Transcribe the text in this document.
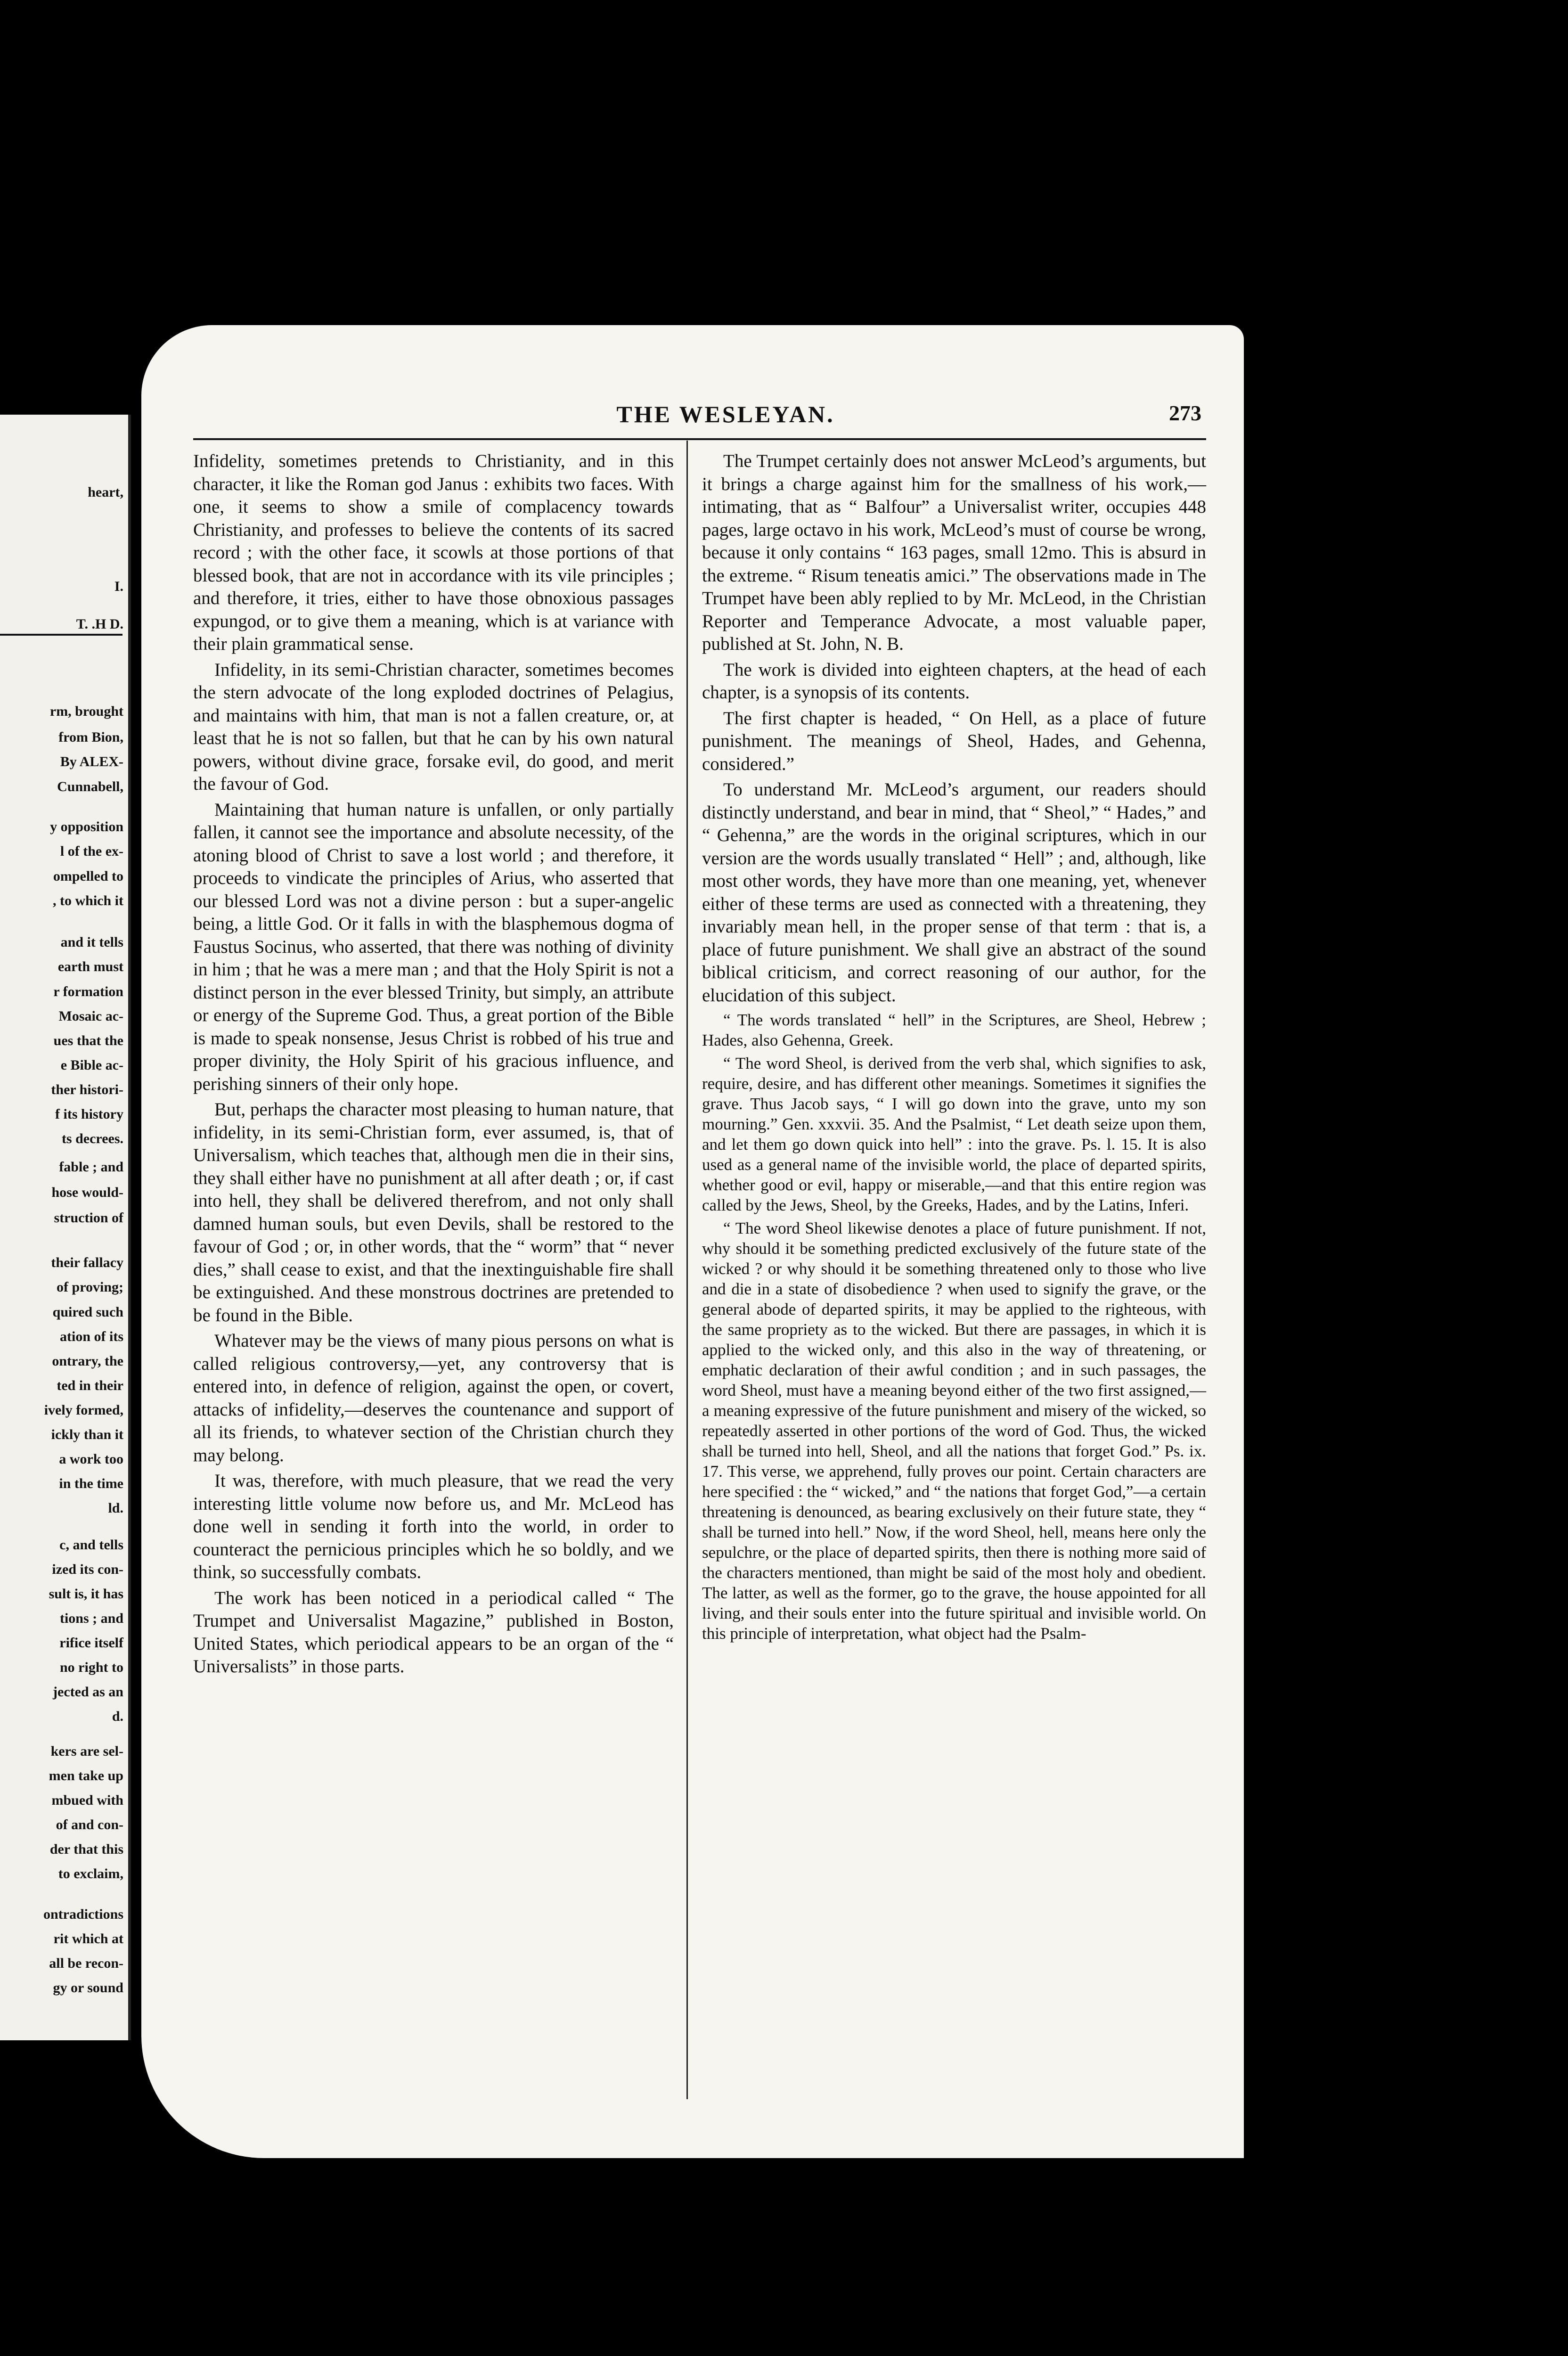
heart,
I.
T. .H D.
rm, brought
from Bion,
By ALEX-
Cunnabell,
y opposition
l of the ex-
ompelled to
, to which it
and it tells
earth must
r formation
Mosaic ac-
ues that the
e Bible ac-
ther histori-
f its history
ts decrees.
fable ; and
hose would-
struction of
their fallacy
of proving;
quired such
ation of its
ontrary, the
ted in their
ively formed,
ickly than it
a work too
in the time
ld.
c, and tells
ized its con-
sult is, it has
tions ; and
rifice itself
no right to
jected as an
d.
kers are sel-
men take up
mbued with
of and con-
der that this
to exclaim,
ontradictions
rit which at
all be recon-
gy or sound
THE WESLEYAN.	273

Infidelity, sometimes pretends to Christianity, and in this character, it like the Roman god Janus : exhibits two faces. With one, it seems to show a smile of complacency towards Christianity, and professes to believe the contents of its sacred record ; with the other face, it scowls at those portions of that blessed book, that are not in accordance with its vile principles ; and therefore, it tries, either to have those obnoxious passages expungod, or to give them a meaning, which is at variance with their plain grammatical sense.

Infidelity, in its semi-Christian character, sometimes becomes the stern advocate of the long exploded doctrines of Pelagius, and maintains with him, that man is not a fallen creature, or, at least that he is not so fallen, but that he can by his own natural powers, without divine grace, forsake evil, do good, and merit the favour of God.

Maintaining that human nature is unfallen, or only partially fallen, it cannot see the importance and absolute necessity, of the atoning blood of Christ to save a lost world ; and therefore, it proceeds to vindicate the principles of Arius, who asserted that our blessed Lord was not a divine person : but a super-angelic being, a little God. Or it falls in with the blasphemous dogma of Faustus Socinus, who asserted, that there was nothing of divinity in him ; that he was a mere man ; and that the Holy Spirit is not a distinct person in the ever blessed Trinity, but simply, an attribute or energy of the Supreme God. Thus, a great portion of the Bible is made to speak nonsense, Jesus Christ is robbed of his true and proper divinity, the Holy Spirit of his gracious influence, and perishing sinners of their only hope.

But, perhaps the character most pleasing to human nature, that infidelity, in its semi-Christian form, ever assumed, is, that of Universalism, which teaches that, although men die in their sins, they shall either have no punishment at all after death ; or, if cast into hell, they shall be delivered therefrom, and not only shall damned human souls, but even Devils, shall be restored to the favour of God ; or, in other words, that the “ worm” that “ never dies,” shall cease to exist, and that the inextinguishable fire shall be extinguished. And these monstrous doctrines are pretended to be found in the Bible.

Whatever may be the views of many pious persons on what is called religious controversy,—yet, any controversy that is entered into, in defence of religion, against the open, or covert, attacks of infidelity,—deserves the countenance and support of all its friends, to whatever section of the Christian church they may belong.

It was, therefore, with much pleasure, that we read the very interesting little volume now before us, and Mr. McLeod has done well in sending it forth into the world, in order to counteract the pernicious principles which he so boldly, and we think, so successfully combats.

The work has been noticed in a periodical called “ The Trumpet and Universalist Magazine,” published in Boston, United States, which periodical appears to be an organ of the “ Universalists” in those parts.

The Trumpet certainly does not answer McLeod’s arguments, but it brings a charge against him for the smallness of his work,—intimating, that as “ Balfour” a Universalist writer, occupies 448 pages, large octavo in his work, McLeod’s must of course be wrong, because it only contains “ 163 pages, small 12mo. This is absurd in the extreme. “ Risum teneatis amici.” The observations made in The Trumpet have been ably replied to by Mr. McLeod, in the Christian Reporter and Temperance Advocate, a most valuable paper, published at St. John, N. B.

The work is divided into eighteen chapters, at the head of each chapter, is a synopsis of its contents.

The first chapter is headed, “ On Hell, as a place of future punishment. The meanings of Sheol, Hades, and Gehenna, considered.”

To understand Mr. McLeod’s argument, our readers should distinctly understand, and bear in mind, that “ Sheol,” “ Hades,” and “ Gehenna,” are the words in the original scriptures, which in our version are the words usually translated “ Hell” ; and, although, like most other words, they have more than one meaning, yet, whenever either of these terms are used as connected with a threatening, they invariably mean hell, in the proper sense of that term : that is, a place of future punishment. We shall give an abstract of the sound biblical criticism, and correct reasoning of our author, for the elucidation of this subject.

“ The words translated “ hell” in the Scriptures, are Sheol, Hebrew ; Hades, also Gehenna, Greek.

“ The word Sheol, is derived from the verb shal, which signifies to ask, require, desire, and has different other meanings. Sometimes it signifies the grave. Thus Jacob says, “ I will go down into the grave, unto my son mourning.” Gen. xxxvii. 35. And the Psalmist, “ Let death seize upon them, and let them go down quick into hell” : into the grave. Ps. l. 15. It is also used as a general name of the invisible world, the place of departed spirits, whether good or evil, happy or miserable,—and that this entire region was called by the Jews, Sheol, by the Greeks, Hades, and by the Latins, Inferi.

“ The word Sheol likewise denotes a place of future punishment. If not, why should it be something predicted exclusively of the future state of the wicked ? or why should it be something threatened only to those who live and die in a state of disobedience ? when used to signify the grave, or the general abode of departed spirits, it may be applied to the righteous, with the same propriety as to the wicked. But there are passages, in which it is applied to the wicked only, and this also in the way of threatening, or emphatic declaration of their awful condition ; and in such passages, the word Sheol, must have a meaning beyond either of the two first assigned,—a meaning expressive of the future punishment and misery of the wicked, so repeatedly asserted in other portions of the word of God. Thus, the wicked shall be turned into hell, Sheol, and all the nations that forget God.” Ps. ix. 17. This verse, we apprehend, fully proves our point. Certain characters are here specified : the “ wicked,” and “ the nations that forget God,”—a certain threatening is denounced, as bearing exclusively on their future state, they “ shall be turned into hell.” Now, if the word Sheol, hell, means here only the sepulchre, or the place of departed spirits, then there is nothing more said of the characters mentioned, than might be said of the most holy and obedient. The latter, as well as the former, go to the grave, the house appointed for all living, and their souls enter into the future spiritual and invisible world. On this principle of interpretation, what object had the Psalm-
